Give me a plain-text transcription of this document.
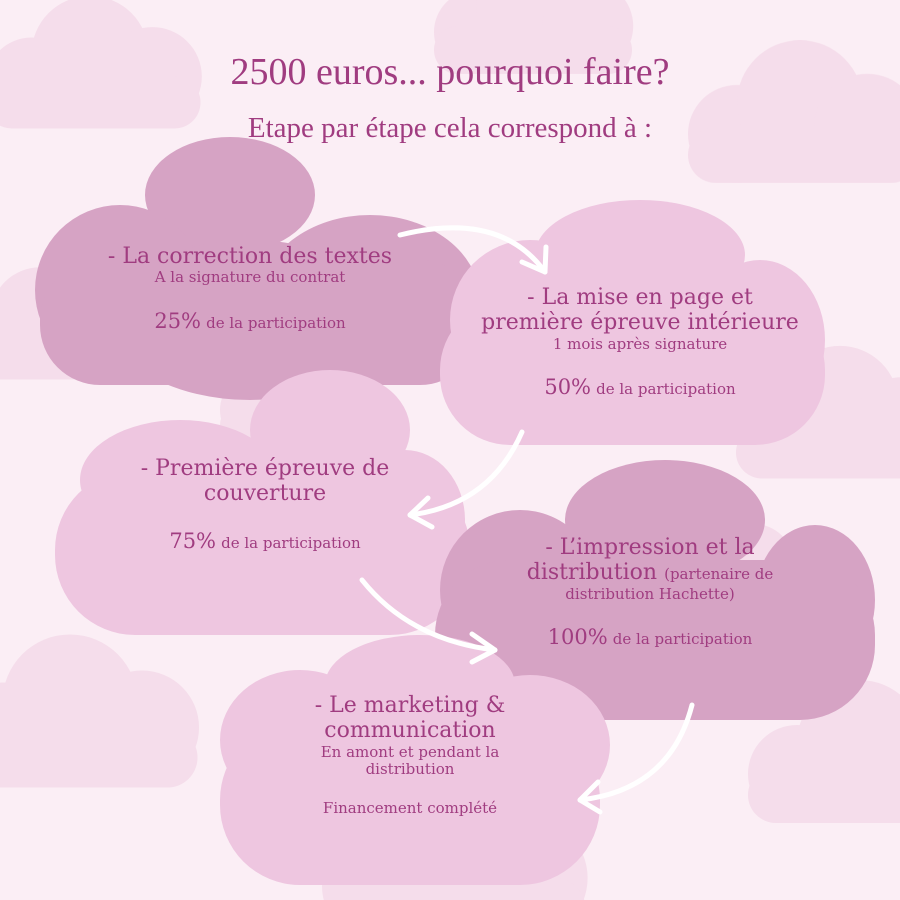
2500 euros... pourquoi faire?
Etape par étape cela correspond à :
- La correction des textes
A la signature du contrat
25% de la participation
- La mise en page et
première épreuve intérieure
1 mois après signature
50% de la participation
- Première épreuve de
couverture
75% de la participation	- L’impression et la
distribution (partenaire de
distribution Hachette)
100% de la participation
- Le marketing &
communication
En amont et pendant la
distribution
Financement complété
